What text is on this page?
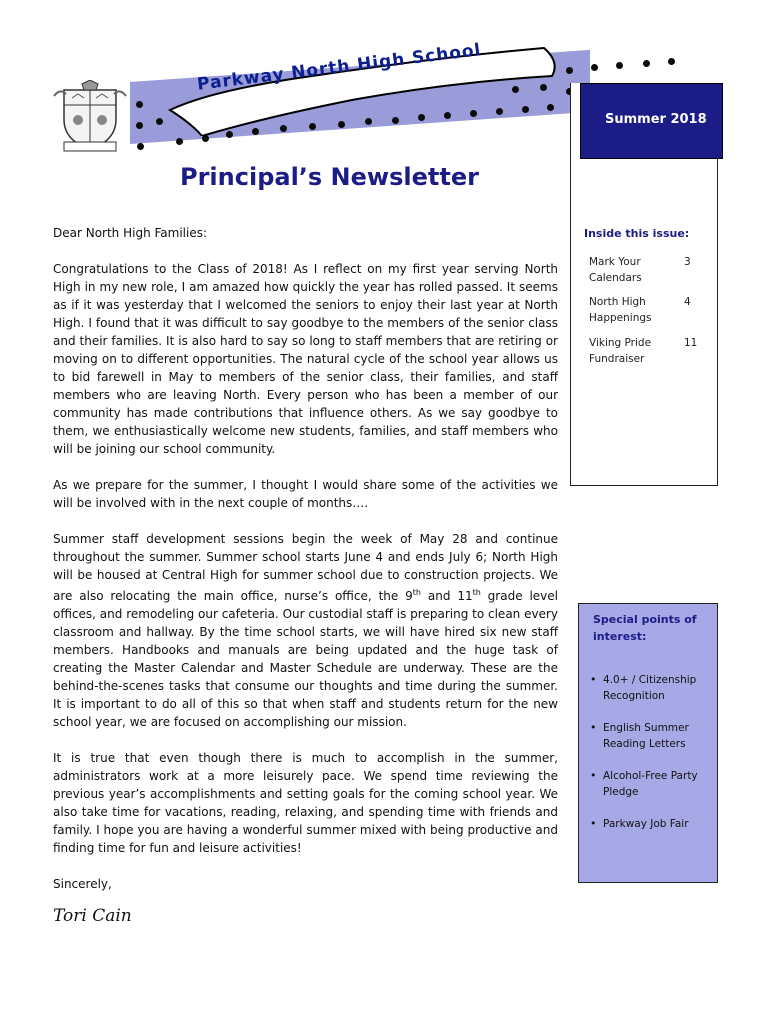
Parkway North High School
Summer 2018
Inside this issue:
Mark Your Calendars
3
North High Happenings
4
Viking Pride Fundraiser
11
Special points of interest:
• 4.0+ / Citizenship Recognition
• English Summer Reading Letters
• Alcohol-Free Party Pledge
• Parkway Job Fair
Principal’s Newsletter

Dear North High Families:

Congratulations to the Class of 2018! As I reflect on my first year serving North High in my new role, I am amazed how quickly the year has rolled passed. It seems as if it was yesterday that I welcomed the seniors to enjoy their last year at North High. I found that it was difficult to say goodbye to the members of the senior class and their families. It is also hard to say so long to staff members that are retiring or moving on to different opportunities. The natural cycle of the school year allows us to bid farewell in May to members of the senior class, their families, and staff members who are leaving North. Every person who has been a member of our community has made contributions that influence others. As we say goodbye to them, we enthusiastically welcome new students, families, and staff members who will be joining our school community.

As we prepare for the summer, I thought I would share some of the activities we will be involved with in the next couple of months….

Summer staff development sessions begin the week of May 28 and continue throughout the summer. Summer school starts June 4 and ends July 6; North High will be housed at Central High for summer school due to construction projects. We are also relocating the main office, nurse’s office, the 9th and 11th grade level offices, and remodeling our cafeteria. Our custodial staff is preparing to clean every classroom and hallway. By the time school starts, we will have hired six new staff members. Handbooks and manuals are being updated and the huge task of creating the Master Calendar and Master Schedule are underway. These are the behind-the-scenes tasks that consume our thoughts and time during the summer. It is important to do all of this so that when staff and students return for the new school year, we are focused on accomplishing our mission.

It is true that even though there is much to accomplish in the summer, administrators work at a more leisurely pace. We spend time reviewing the previous year’s accomplishments and setting goals for the coming school year. We also take time for vacations, reading, relaxing, and spending time with friends and family. I hope you are having a wonderful summer mixed with being productive and finding time for fun and leisure activities!

Sincerely,

Tori Cain
